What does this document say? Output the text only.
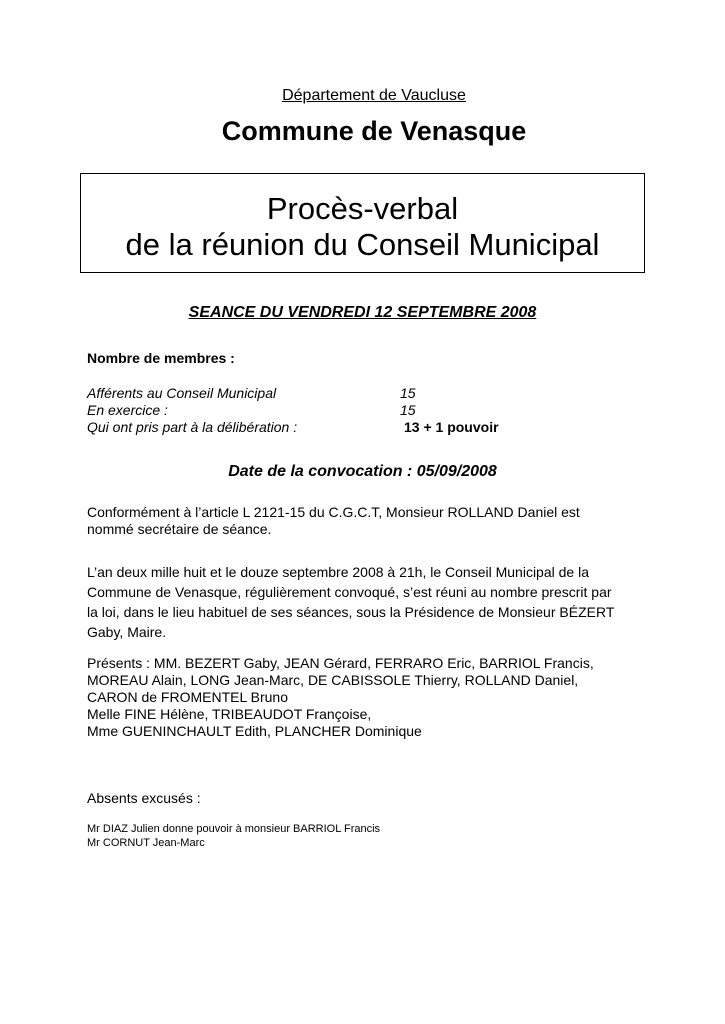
Département de Vaucluse
Commune de Venasque
Procès-verbal
de la réunion du Conseil Municipal
SEANCE DU VENDREDI 12 SEPTEMBRE 2008
Nombre de membres :
Afférents au Conseil Municipal	15
En exercice :	15
Qui ont pris part à la délibération :	13 + 1 pouvoir
Date de la convocation : 05/09/2008
Conformément à l’article L 2121-15 du C.G.C.T, Monsieur ROLLAND Daniel est
nommé secrétaire de séance.
L’an deux mille huit et le douze septembre 2008 à 21h, le Conseil Municipal de la
Commune de Venasque, régulièrement convoqué, s’est réuni au nombre prescrit par
la loi, dans le lieu habituel de ses séances, sous la Présidence de Monsieur BÉZERT
Gaby, Maire.
Présents : MM. BEZERT Gaby, JEAN Gérard, FERRARO Eric, BARRIOL Francis,
MOREAU Alain, LONG Jean-Marc, DE CABISSOLE Thierry, ROLLAND Daniel,
CARON de FROMENTEL Bruno
Melle FINE Hélène, TRIBEAUDOT Françoise,
Mme GUENINCHAULT Edith, PLANCHER Dominique
Absents excusés :
Mr DIAZ Julien donne pouvoir à monsieur BARRIOL Francis
Mr CORNUT Jean-Marc
